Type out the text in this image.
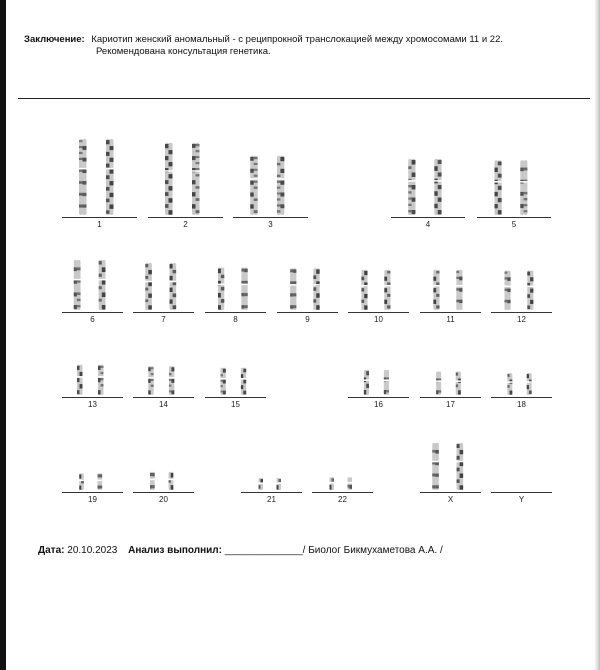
Заключение: Кариотип женский аномальный - с реципрокной транслокацией между хромосомами 11 и 22.
Рекомендована консультация генетика.
1	2	3	4	5
6	7	8	9	10	11	12
13	14	15	16	17	18
19	20	21	22	X	Y
Дата: 20.10.2023 Анализ выполнил: ______________/ Биолог Бикмухаметова А.А. /
